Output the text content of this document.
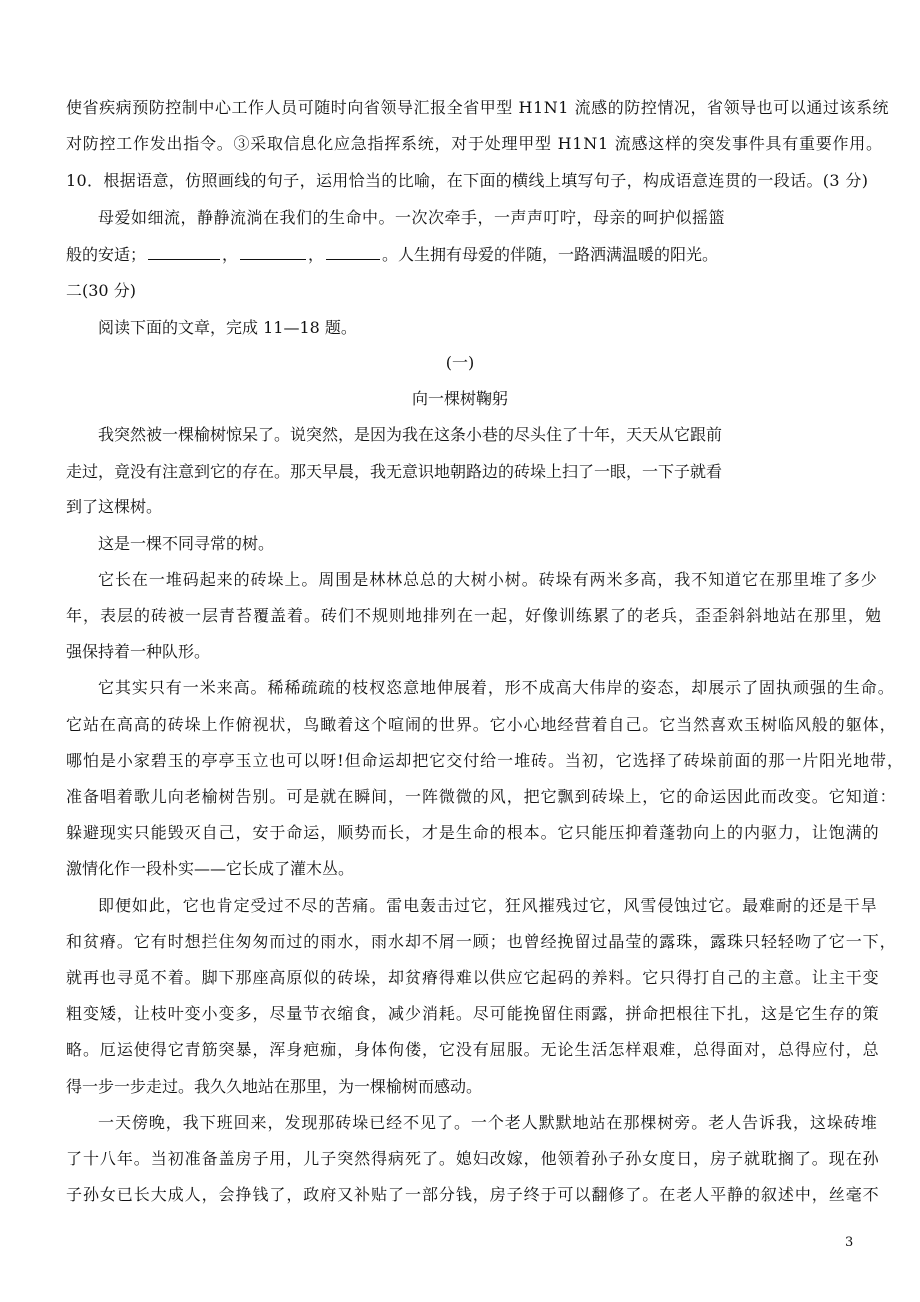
使省疾病预防控制中心工作人员可随时向省领导汇报全省甲型 H1N1 流感的防控情况，省领导也可以通过该系统
对防控工作发出指令。③采取信息化应急指挥系统，对于处理甲型 H1N1 流感这样的突发事件具有重要作用。
10．根据语意，仿照画线的句子，运用恰当的比喻，在下面的横线上填写句子，构成语意连贯的一段话。(3 分)
母爱如细流，静静流淌在我们的生命中。一次次牵手，一声声叮咛，母亲的呵护似摇篮
般的安适；	，	，	。人生拥有母爱的伴随，一路洒满温暖的阳光。
二(30 分)
阅读下面的文章，完成 11—18 题。
(一)
向一棵树鞠躬
我突然被一棵榆树惊呆了。说突然，是因为我在这条小巷的尽头住了十年，天天从它跟前
走过，竟没有注意到它的存在。那天早晨，我无意识地朝路边的砖垛上扫了一眼，一下子就看
到了这棵树。
这是一棵不同寻常的树。
它长在一堆码起来的砖垛上。周围是林林总总的大树小树。砖垛有两米多高，我不知道它在那里堆了多少
年，表层的砖被一层青苔覆盖着。砖们不规则地排列在一起，好像训练累了的老兵，歪歪斜斜地站在那里，勉
强保持着一种队形。
它其实只有一米来高。稀稀疏疏的枝杈恣意地伸展着，形不成高大伟岸的姿态，却展示了固执顽强的生命。
它站在高高的砖垛上作俯视状，鸟瞰着这个喧闹的世界。它小心地经营着自己。它当然喜欢玉树临风般的躯体，
哪怕是小家碧玉的亭亭玉立也可以呀!但命运却把它交付给一堆砖。当初，它选择了砖垛前面的那一片阳光地带，
准备唱着歌儿向老榆树告别。可是就在瞬间，一阵微微的风，把它飘到砖垛上，它的命运因此而改变。它知道：
躲避现实只能毁灭自己，安于命运，顺势而长，才是生命的根本。它只能压抑着蓬勃向上的内驱力，让饱满的
激情化作一段朴实——它长成了灌木丛。
即便如此，它也肯定受过不尽的苦痛。雷电轰击过它，狂风摧残过它，风雪侵蚀过它。最难耐的还是干旱
和贫瘠。它有时想拦住匆匆而过的雨水，雨水却不屑一顾；也曾经挽留过晶莹的露珠，露珠只轻轻吻了它一下，
就再也寻觅不着。脚下那座高原似的砖垛，却贫瘠得难以供应它起码的养料。它只得打自己的主意。让主干变
粗变矮，让枝叶变小变多，尽量节衣缩食，减少消耗。尽可能挽留住雨露，拼命把根往下扎，这是它生存的策
略。厄运使得它青筋突暴，浑身疤痂，身体佝偻，它没有屈服。无论生活怎样艰难，总得面对，总得应付，总
得一步一步走过。我久久地站在那里，为一棵榆树而感动。
一天傍晚，我下班回来，发现那砖垛已经不见了。一个老人默默地站在那棵树旁。老人告诉我，这垛砖堆
了十八年。当初准备盖房子用，儿子突然得病死了。媳妇改嫁，他领着孙子孙女度日，房子就耽搁了。现在孙
子孙女已长大成人，会挣钱了，政府又补贴了一部分钱，房子终于可以翻修了。在老人平静的叙述中，丝毫不
3
